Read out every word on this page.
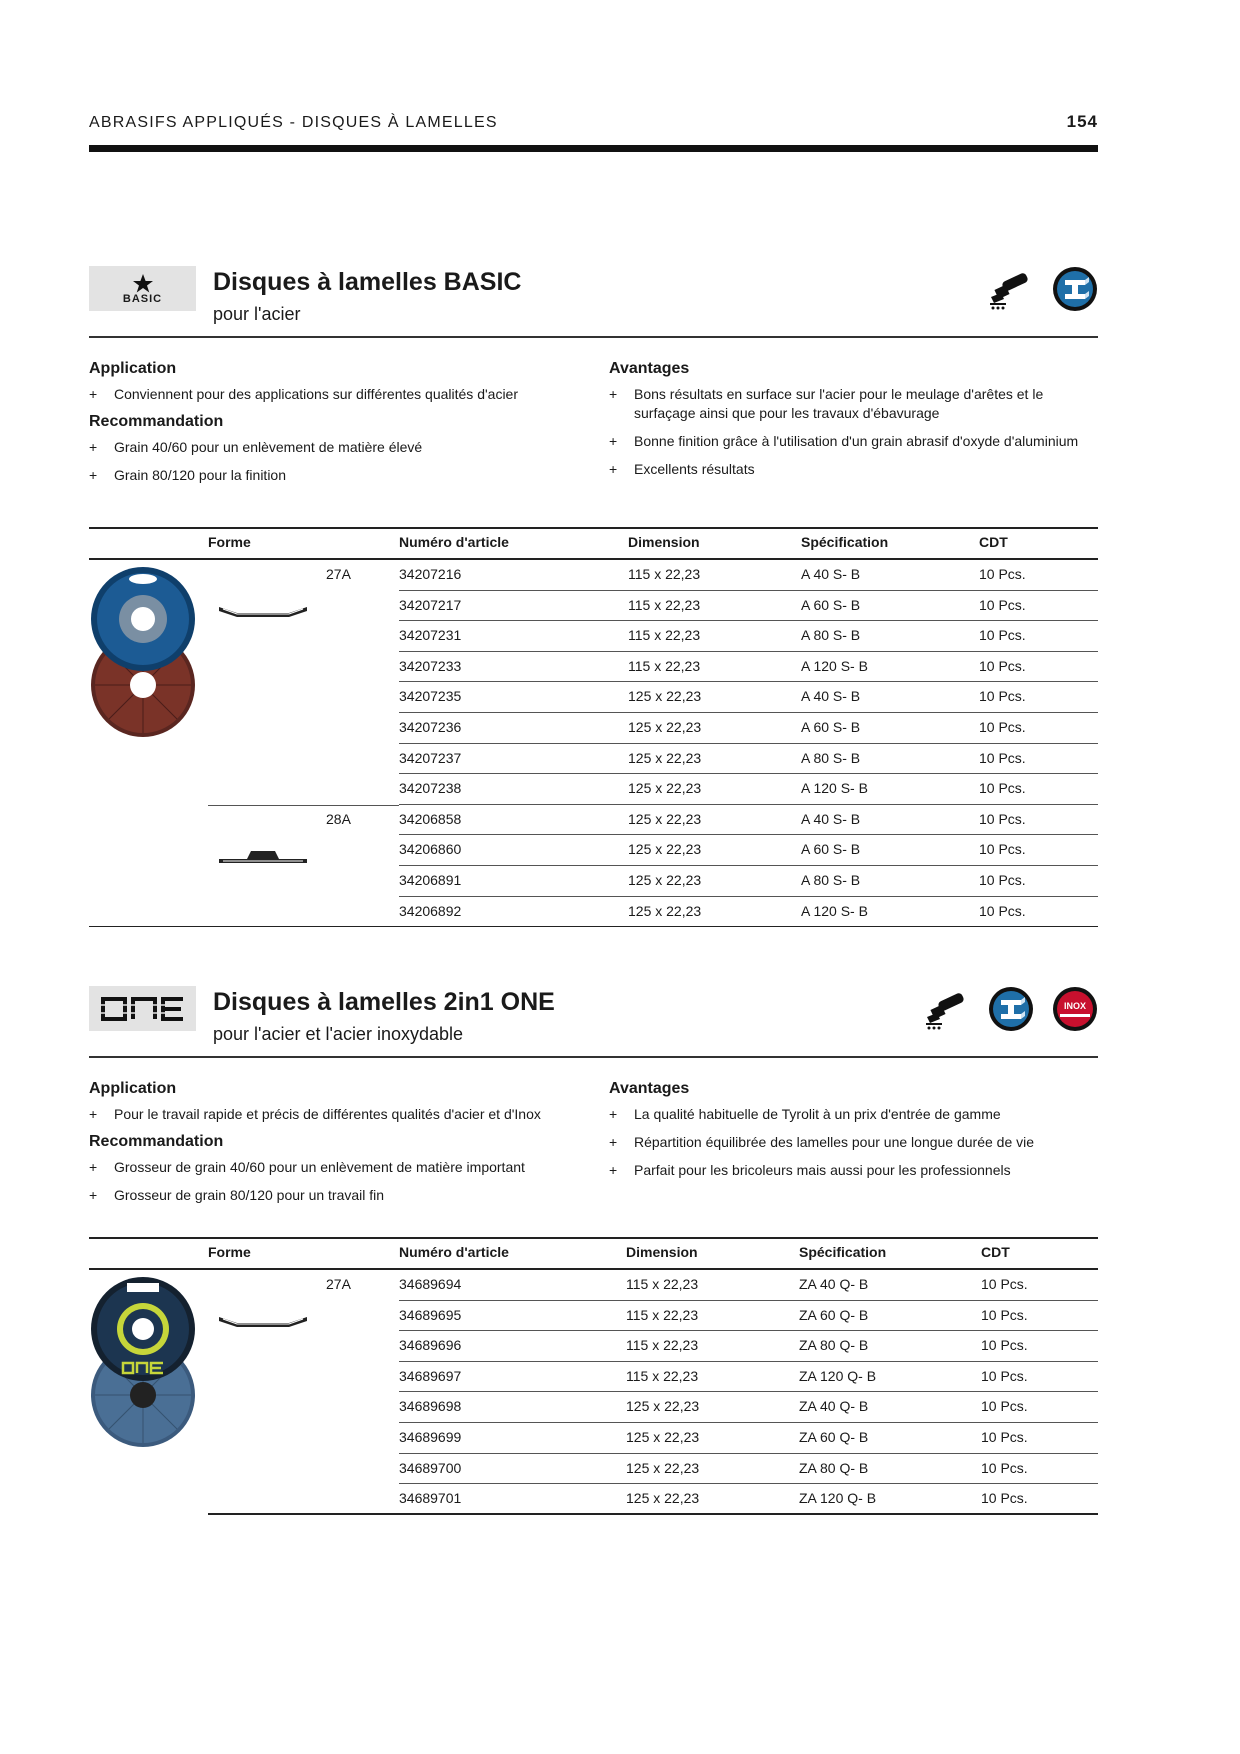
ABRASIFS APPLIQUÉS - DISQUES À LAMELLES	154
BASIC
Disques à lamelles BASIC
pour l'acier
Application
+ Conviennent pour des applications sur différentes qualités d'acier
Recommandation
+ Grain 40/60 pour un enlèvement de matière élevé
+ Grain 80/120 pour la finition
Avantages
+ Bons résultats en surface sur l'acier pour le meulage d'arêtes et le surfaçage ainsi que pour les travaux d'ébavurage
+ Bonne finition grâce à l'utilisation d'un grain abrasif d'oxyde d'aluminium
+ Excellents résultats
Forme	Numéro d'article	Dimension	Spécification	CDT
27A	34207216	115 x 22,23	A 40 S- B	10 Pcs.
34207217	115 x 22,23	A 60 S- B	10 Pcs.
34207231	115 x 22,23	A 80 S- B	10 Pcs.
34207233	115 x 22,23	A 120 S- B	10 Pcs.
34207235	125 x 22,23	A 40 S- B	10 Pcs.
34207236	125 x 22,23	A 60 S- B	10 Pcs.
34207237	125 x 22,23	A 80 S- B	10 Pcs.
34207238	125 x 22,23	A 120 S- B	10 Pcs.
28A	34206858	125 x 22,23	A 40 S- B	10 Pcs.
34206860	125 x 22,23	A 60 S- B	10 Pcs.
34206891	125 x 22,23	A 80 S- B	10 Pcs.
34206892	125 x 22,23	A 120 S- B	10 Pcs.
Disques à lamelles 2in1 ONE
pour l'acier et l'acier inoxydable
INOX
Application
+ Pour le travail rapide et précis de différentes qualités d'acier et d'Inox
Recommandation
+ Grosseur de grain 40/60 pour un enlèvement de matière important
+ Grosseur de grain 80/120 pour un travail fin
Avantages
+ La qualité habituelle de Tyrolit à un prix d'entrée de gamme
+ Répartition équilibrée des lamelles pour une longue durée de vie
+ Parfait pour les bricoleurs mais aussi pour les professionnels
Forme	Numéro d'article	Dimension	Spécification	CDT
27A	34689694	115 x 22,23	ZA 40 Q- B	10 Pcs.
34689695	115 x 22,23	ZA 60 Q- B	10 Pcs.
34689696	115 x 22,23	ZA 80 Q- B	10 Pcs.
34689697	115 x 22,23	ZA 120 Q- B	10 Pcs.
34689698	125 x 22,23	ZA 40 Q- B	10 Pcs.
34689699	125 x 22,23	ZA 60 Q- B	10 Pcs.
34689700	125 x 22,23	ZA 80 Q- B	10 Pcs.
34689701	125 x 22,23	ZA 120 Q- B	10 Pcs.
